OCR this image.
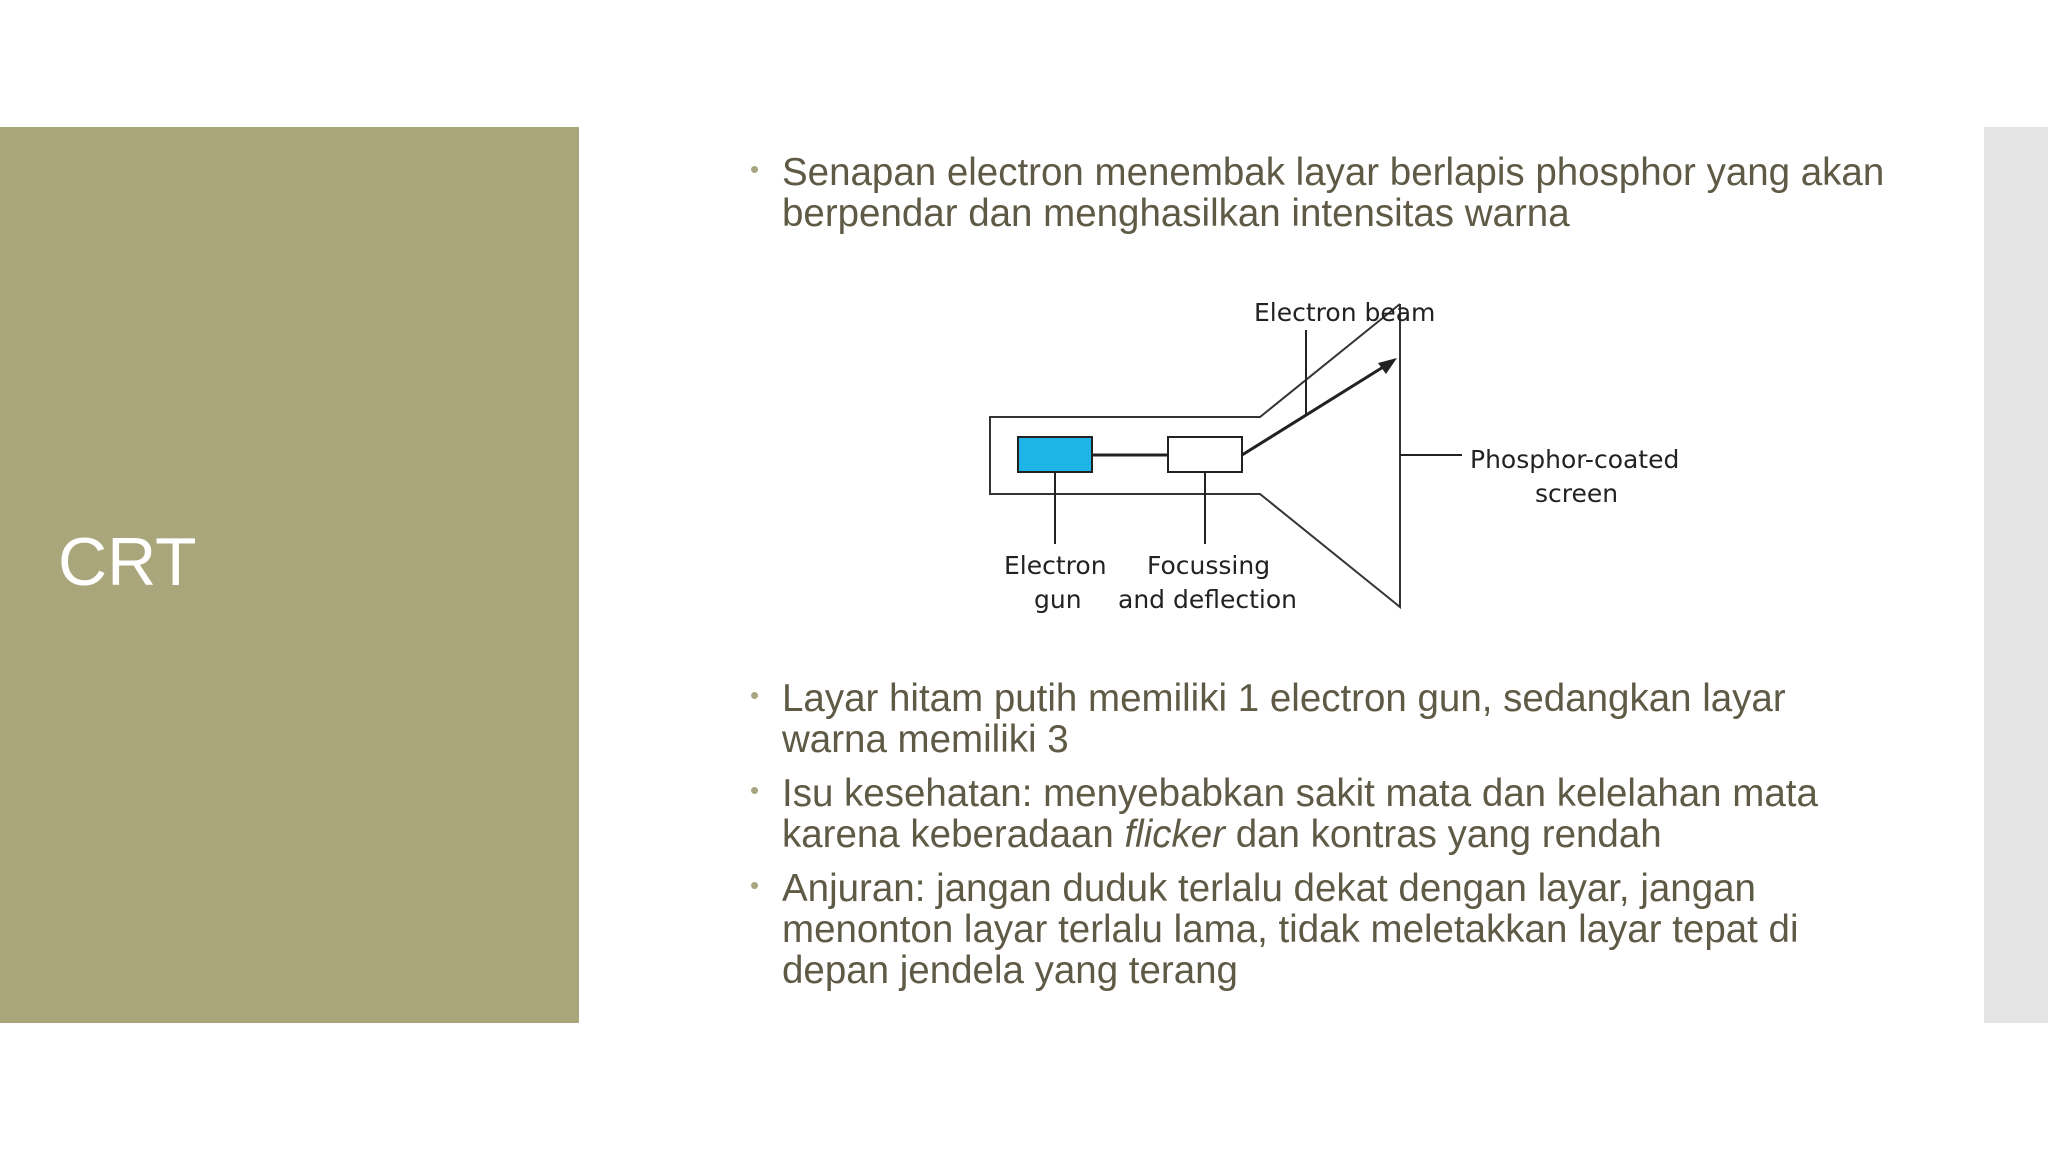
CRT
• Senapan electron menembak layar berlapis phosphor yang akan berpendar dan menghasilkan intensitas warna
Electron beam
Phosphor-coated
screen
Electron
gun
Focussing
and deflection
• Layar hitam putih memiliki 1 electron gun, sedangkan layar warna memiliki 3
• Isu kesehatan: menyebabkan sakit mata dan kelelahan mata karena keberadaan flicker dan kontras yang rendah
• Anjuran: jangan duduk terlalu dekat dengan layar, jangan menonton layar terlalu lama, tidak meletakkan layar tepat di depan jendela yang terang
